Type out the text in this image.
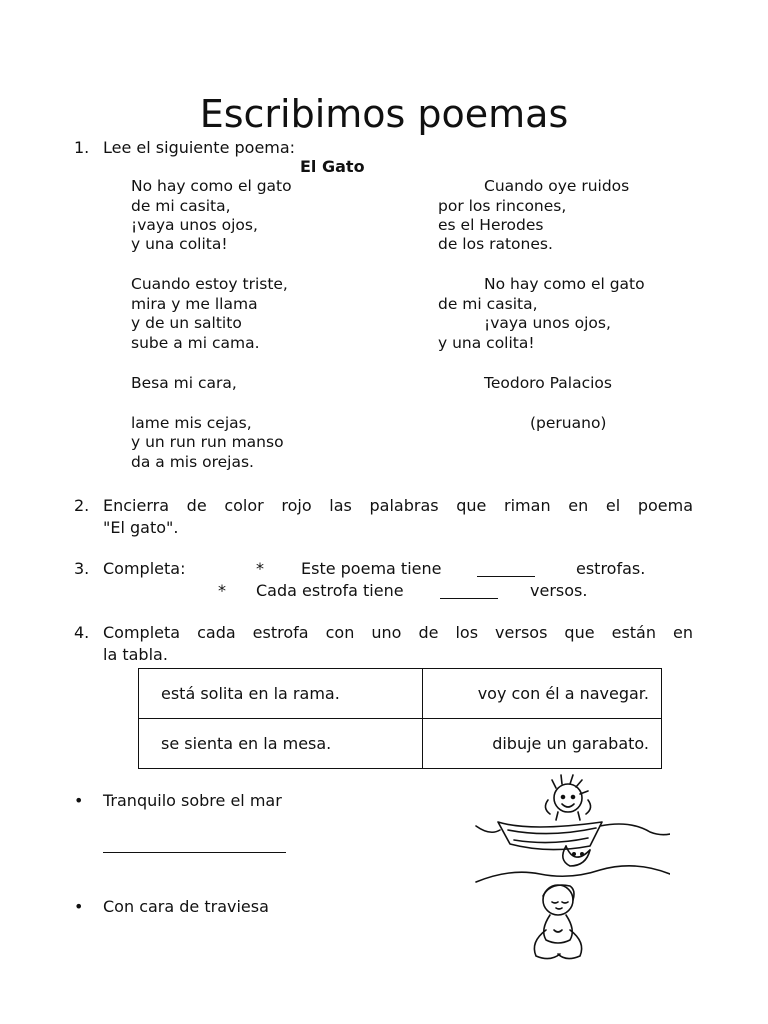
Escribimos poemas
1. Lee el siguiente poema:
El Gato
No hay como el gato
de mi casita,
¡vaya unos ojos,
y una colita!
Cuando estoy triste,
mira y me llama
y de un saltito
sube a mi cama.
Besa mi cara,
lame mis cejas,
y un run run manso
da a mis orejas.
Cuando oye ruidos
por los rincones,
es el Herodes
de los ratones.
No hay como el gato
de mi casita,
¡vaya unos ojos,
y una colita!
Teodoro Palacios
(peruano)
2. Encierra de color rojo las palabras que riman en el poema
"El gato".
3. Completa:	* Este poema tiene	estrofas.
* Cada estrofa tiene	versos.
4. Completa cada estrofa con uno de los versos que están en
la tabla.
está solita en la rama.	voy con él a navegar.
se sienta en la mesa.	dibuje un garabato.
• Tranquilo sobre el mar
• Con cara de traviesa
